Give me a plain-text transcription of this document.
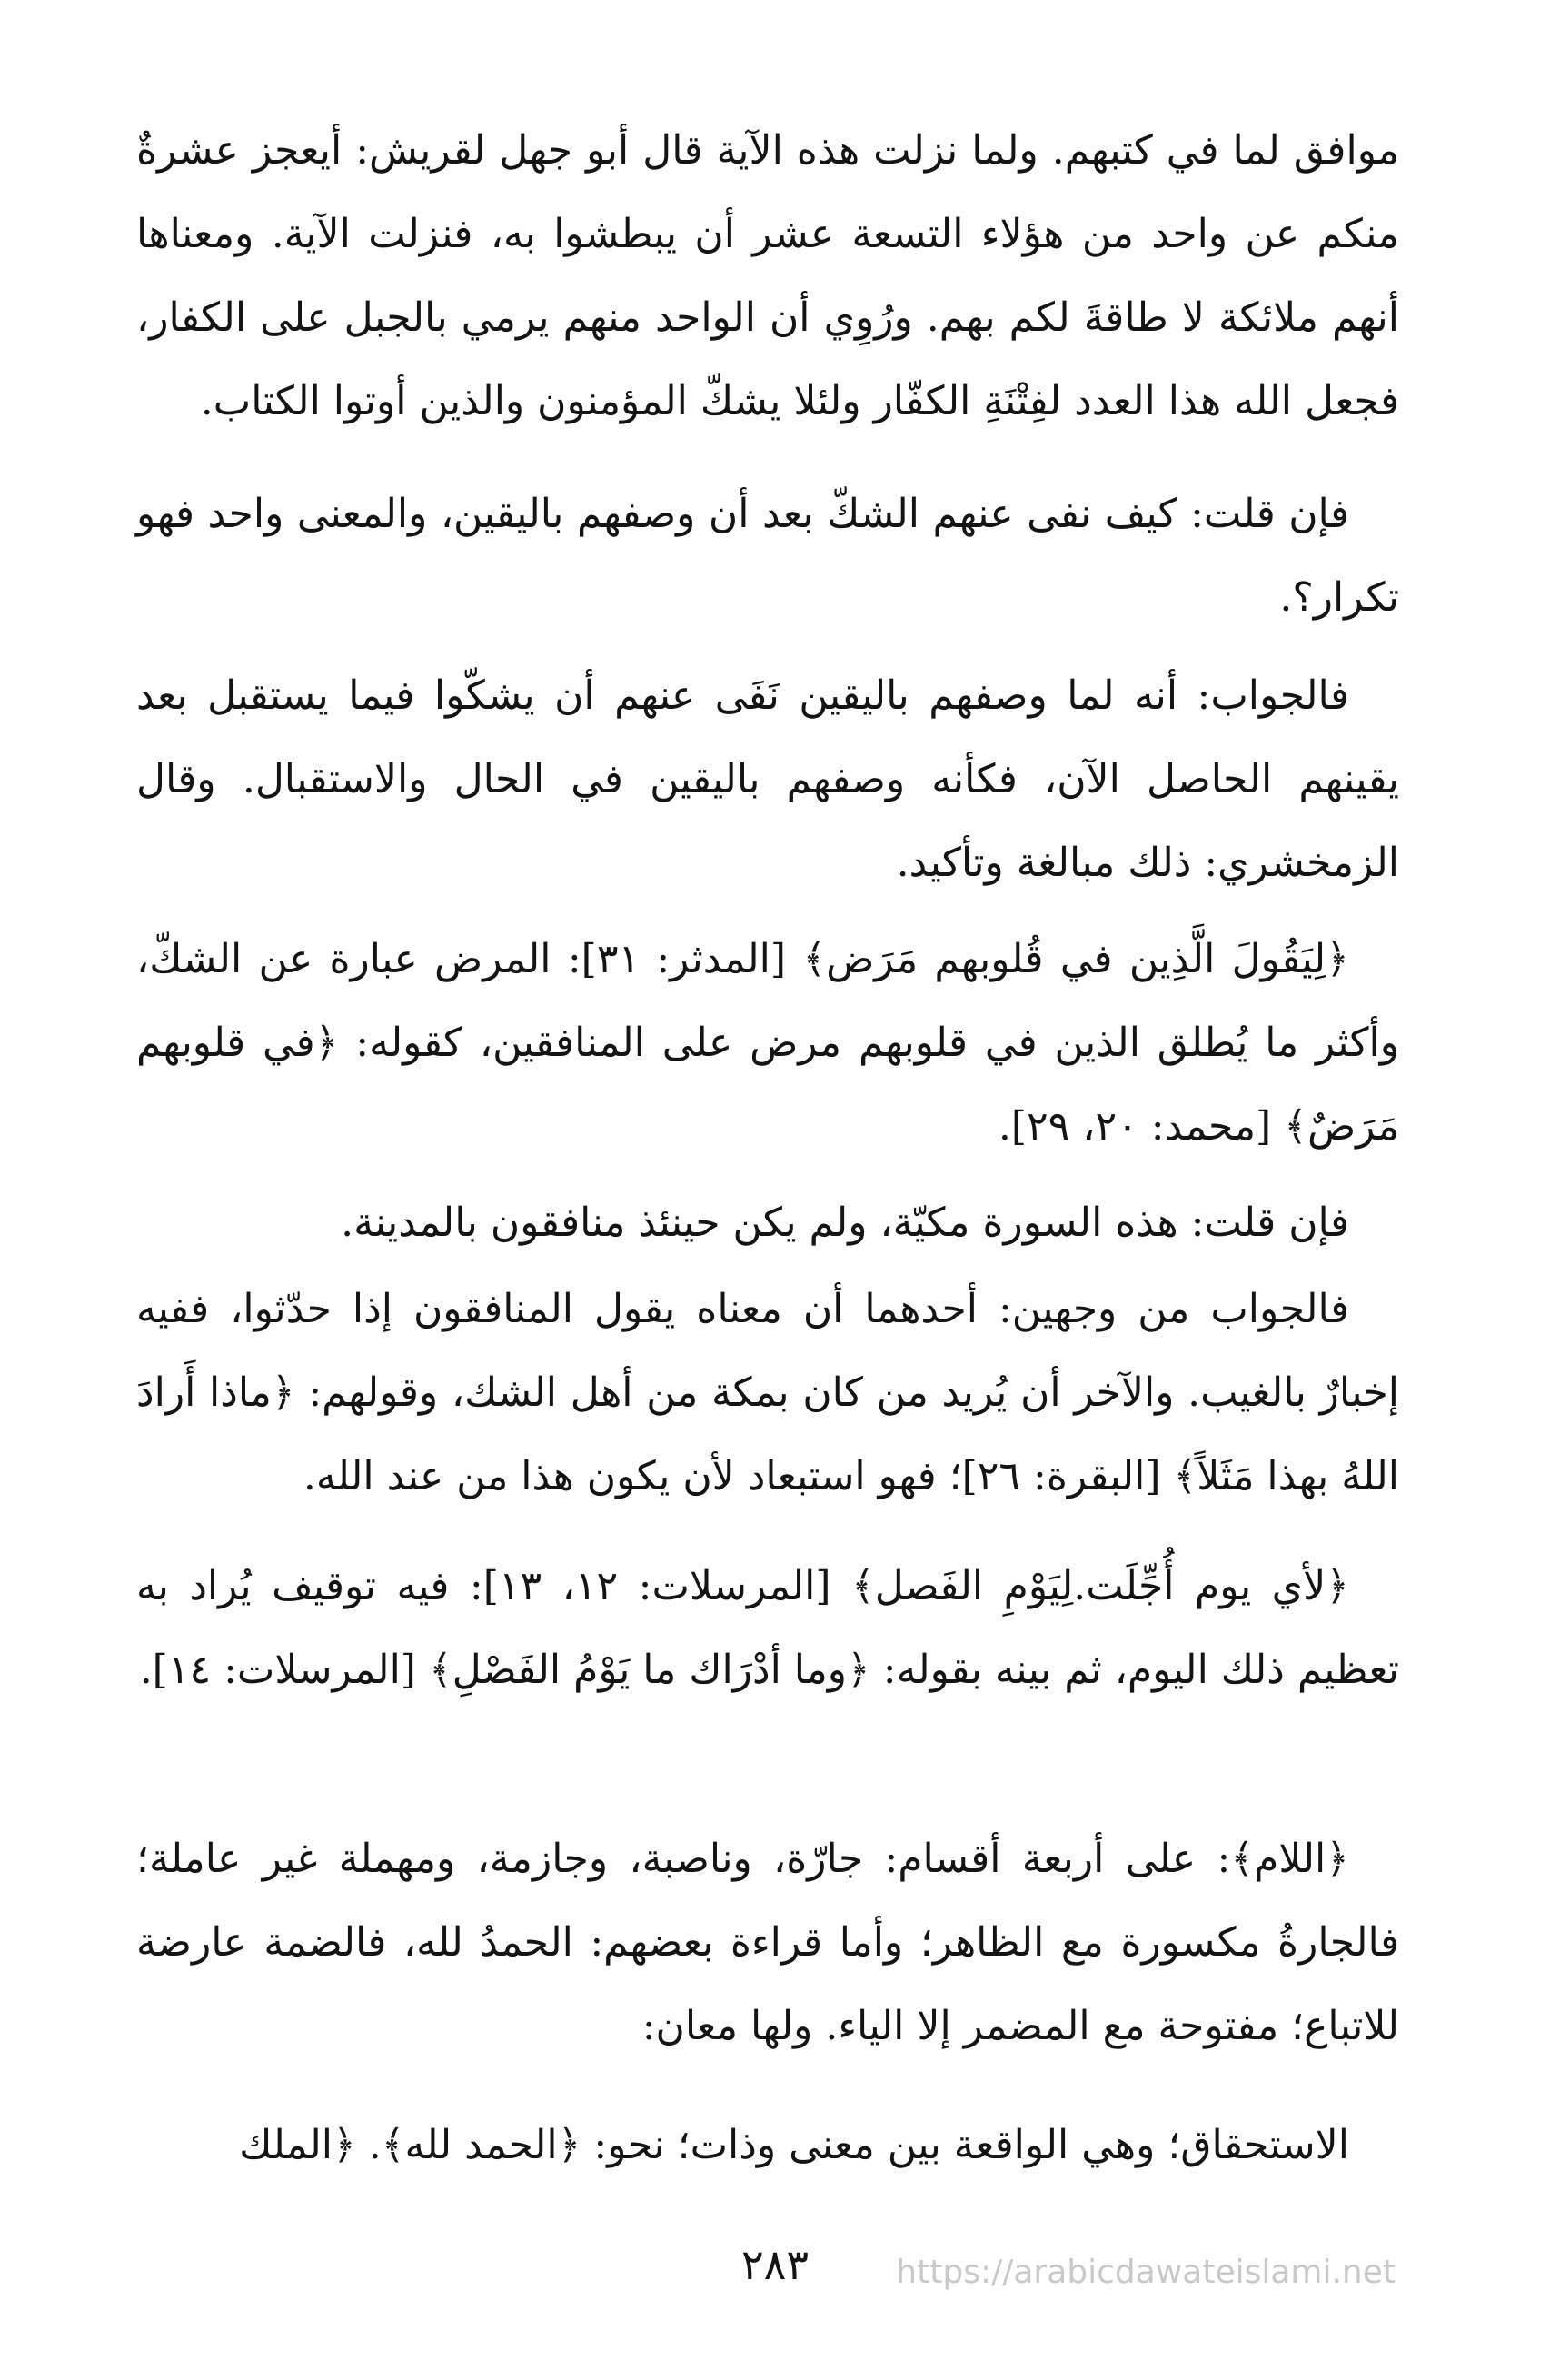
موافق لما في كتبهم. ولما نزلت هذه الآية قال أبو جهل لقريش: أيعجز عشرةٌ منكم عن واحد من هؤلاء التسعة عشر أن يبطشوا به، فنزلت الآية. ومعناها أنهم ملائكة لا طاقةَ لكم بهم. ورُوِي أن الواحد منهم يرمي بالجبل على الكفار، فجعل الله هذا العدد لفِتْنَةِ الكفّار ولئلا يشكّ المؤمنون والذين أوتوا الكتاب.

فإن قلت: كيف نفى عنهم الشكّ بعد أن وصفهم باليقين، والمعنى واحد فهو تكرار؟.

فالجواب: أنه لما وصفهم باليقين نَفَى عنهم أن يشكّوا فيما يستقبل بعد يقينهم الحاصل الآن، فكأنه وصفهم باليقين في الحال والاستقبال. وقال الزمخشري: ذلك مبالغة وتأكيد.

﴿لِيَقُولَ الَّذِين في قُلوبهم مَرَض﴾ [المدثر: ٣١]: المرض عبارة عن الشكّ، وأكثر ما يُطلق الذين في قلوبهم مرض على المنافقين، كقوله: ﴿في قلوبهم مَرَضٌ﴾ [محمد: ٢٠، ٢٩].

فإن قلت: هذه السورة مكيّة، ولم يكن حينئذ منافقون بالمدينة.

فالجواب من وجهين: أحدهما أن معناه يقول المنافقون إذا حدّثوا، ففيه إخبارٌ بالغيب. والآخر أن يُريد من كان بمكة من أهل الشك، وقولهم: ﴿ماذا أَرادَ اللهُ بهذا مَثَلاً﴾ [البقرة: ٢٦]؛ فهو استبعاد لأن يكون هذا من عند الله.

﴿لأي يوم أُجِّلَت.لِيَوْمِ الفَصل﴾ [المرسلات: ١٢، ١٣]: فيه توقيف يُراد به تعظيم ذلك اليوم، ثم بينه بقوله: ﴿وما أدْرَاك ما يَوْمُ الفَصْلِ﴾ [المرسلات: ١٤].

﴿اللام﴾: على أربعة أقسام: جارّة، وناصبة، وجازمة، ومهملة غير عاملة؛ فالجارةُ مكسورة مع الظاهر؛ وأما قراءة بعضهم: الحمدُ لله، فالضمة عارضة للاتباع؛ مفتوحة مع المضمر إلا الياء. ولها معان:

الاستحقاق؛ وهي الواقعة بين معنى وذات؛ نحو: ﴿الحمد لله﴾. ﴿الملك

٢٨٣	https://arabicdawateislami.net
